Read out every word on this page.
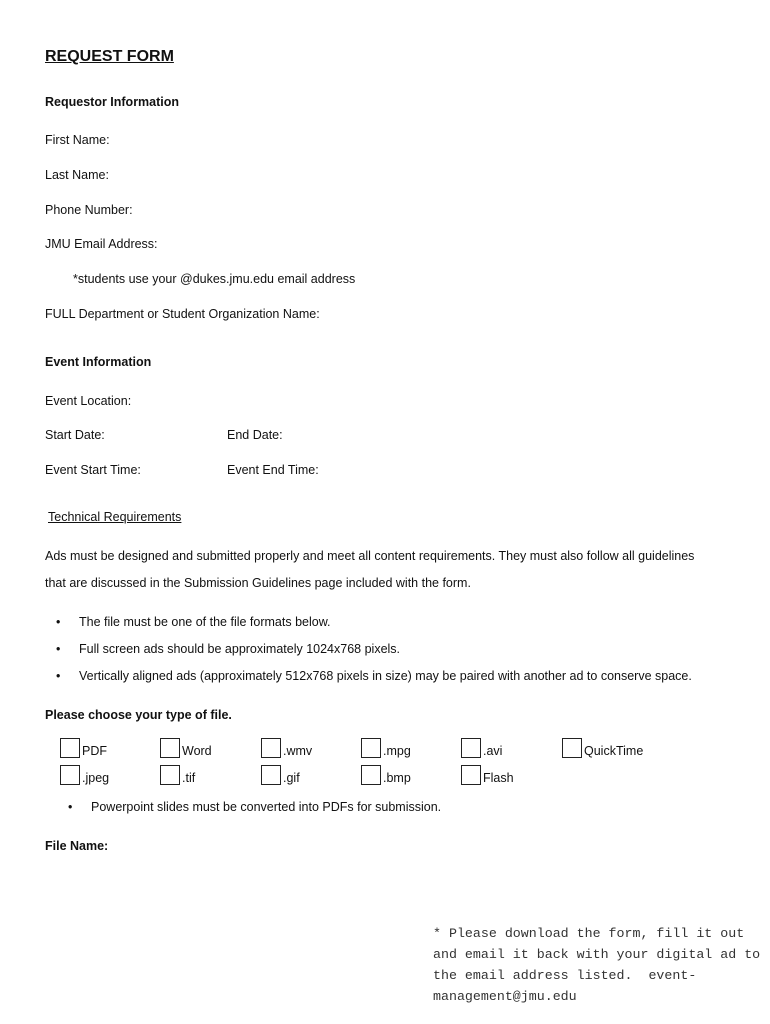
REQUEST FORM
Requestor Information
First Name:
Last Name:
Phone Number:
JMU Email Address:
*students use your @dukes.jmu.edu email address
FULL Department or Student Organization Name:
Event Information
Event Location:
Start Date:	End Date:
Event Start Time:	Event End Time:
Technical Requirements
Ads must be designed and submitted properly and meet all content requirements. They must also follow all guidelines
that are discussed in the Submission Guidelines page included with the form.
• The file must be one of the file formats below.
• Full screen ads should be approximately 1024x768 pixels.
• Vertically aligned ads (approximately 512x768 pixels in size) may be paired with another ad to conserve space.
Please choose your type of file.
PDF	Word	.wmv	.mpg	.avi	QuickTime
.jpeg	.tif	.gif	.bmp	Flash
• Powerpoint slides must be converted into PDFs for submission.
File Name:
* Please download the form, fill it out and email it back with your digital ad to the email address listed.  event-management@jmu.edu
